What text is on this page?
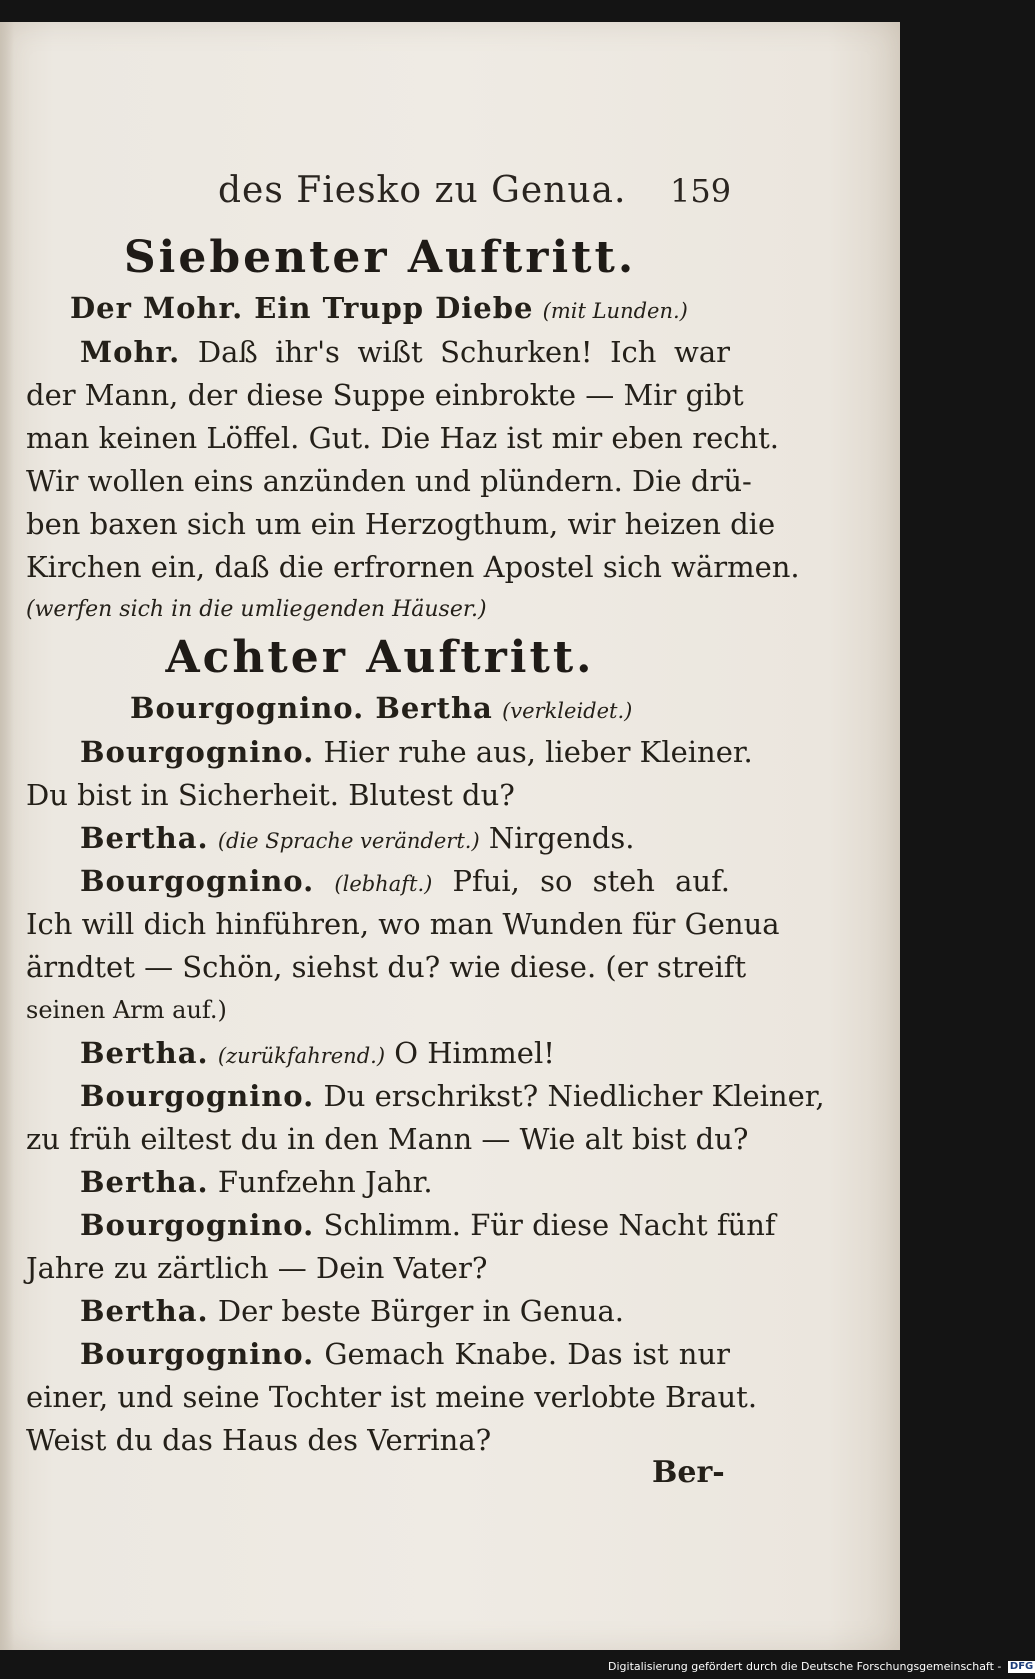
des Fiesko zu Genua. 159
Siebenter Auftritt.
Der Mohr. Ein Trupp Diebe (mit Lunden.)
Mohr. Daß ihr's wißt Schurken! Ich war
der Mann, der diese Suppe einbrokte — Mir gibt
man keinen Löffel. Gut. Die Haz ist mir eben recht.
Wir wollen eins anzünden und plündern. Die drü-
ben baxen sich um ein Herzogthum, wir heizen die
Kirchen ein, daß die erfrornen Apostel sich wärmen.
(werfen sich in die umliegenden Häuser.)
Achter Auftritt.
Bourgognino. Bertha (verkleidet.)
Bourgognino. Hier ruhe aus, lieber Kleiner.
Du bist in Sicherheit. Blutest du?
Bertha. (die Sprache verändert.) Nirgends.
Bourgognino. (lebhaft.) Pfui, so steh auf.
Ich will dich hinführen, wo man Wunden für Genua
ärndtet — Schön, siehst du? wie diese. (er streift
seinen Arm auf.)
Bertha. (zurükfahrend.) O Himmel!
Bourgognino. Du erschrikst? Niedlicher Kleiner,
zu früh eiltest du in den Mann — Wie alt bist du?
Bertha. Funfzehn Jahr.
Bourgognino. Schlimm. Für diese Nacht fünf
Jahre zu zärtlich — Dein Vater?
Bertha. Der beste Bürger in Genua.
Bourgognino. Gemach Knabe. Das ist nur
einer, und seine Tochter ist meine verlobte Braut.
Weist du das Haus des Verrina?
Ber-
Digitalisierung gefördert durch die Deutsche Forschungsgemeinschaft - DFG
